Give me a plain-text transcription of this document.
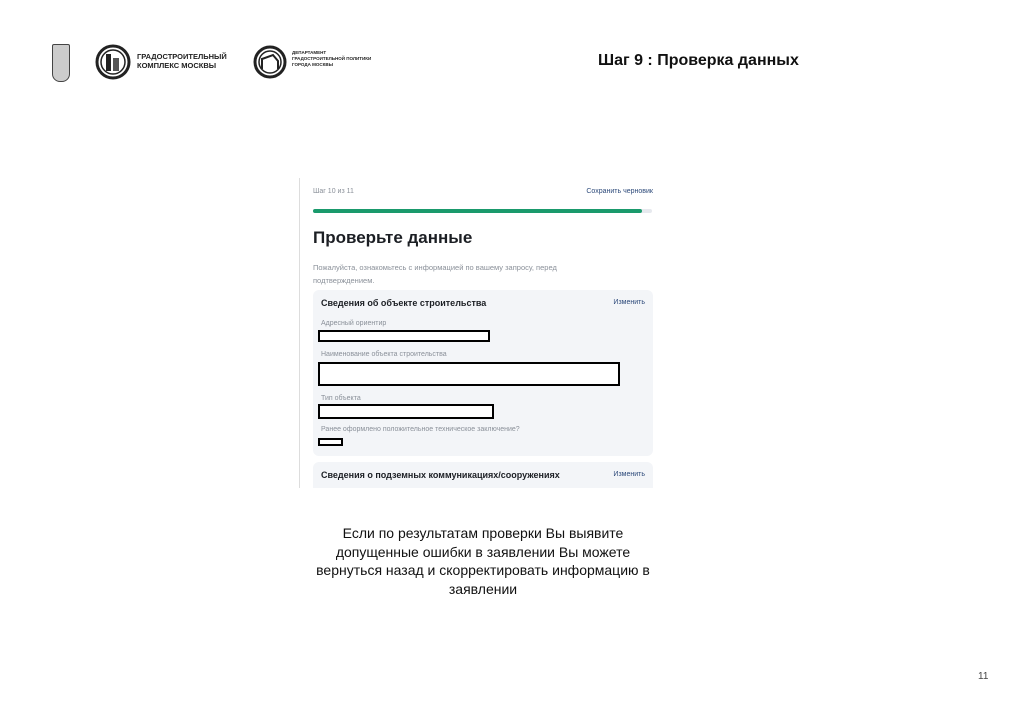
ГРАДОСТРОИТЕЛЬНЫЙ
КОМПЛЕКС МОСКВЫ
ДЕПАРТАМЕНТ
ГРАДОСТРОИТЕЛЬНОЙ ПОЛИТИКИ
ГОРОДА МОСКВЫ	Шаг 9 : Проверка данных
Шаг 10 из 11	Сохранить черновик
Проверьте данные
Пожалуйста, ознакомьтесь с информацией по вашему запросу, перед подтверждением.
Сведения об объекте строительства	Изменить
Адресный ориентир
Наименование объекта строительства
Тип объекта
Ранее оформлено положительное техническое заключение?
Сведения о подземных коммуникациях/сооружениях	Изменить
Если по результатам проверки Вы выявите допущенные ошибки в заявлении Вы можете вернуться назад и скорректировать информацию в заявлении
11
